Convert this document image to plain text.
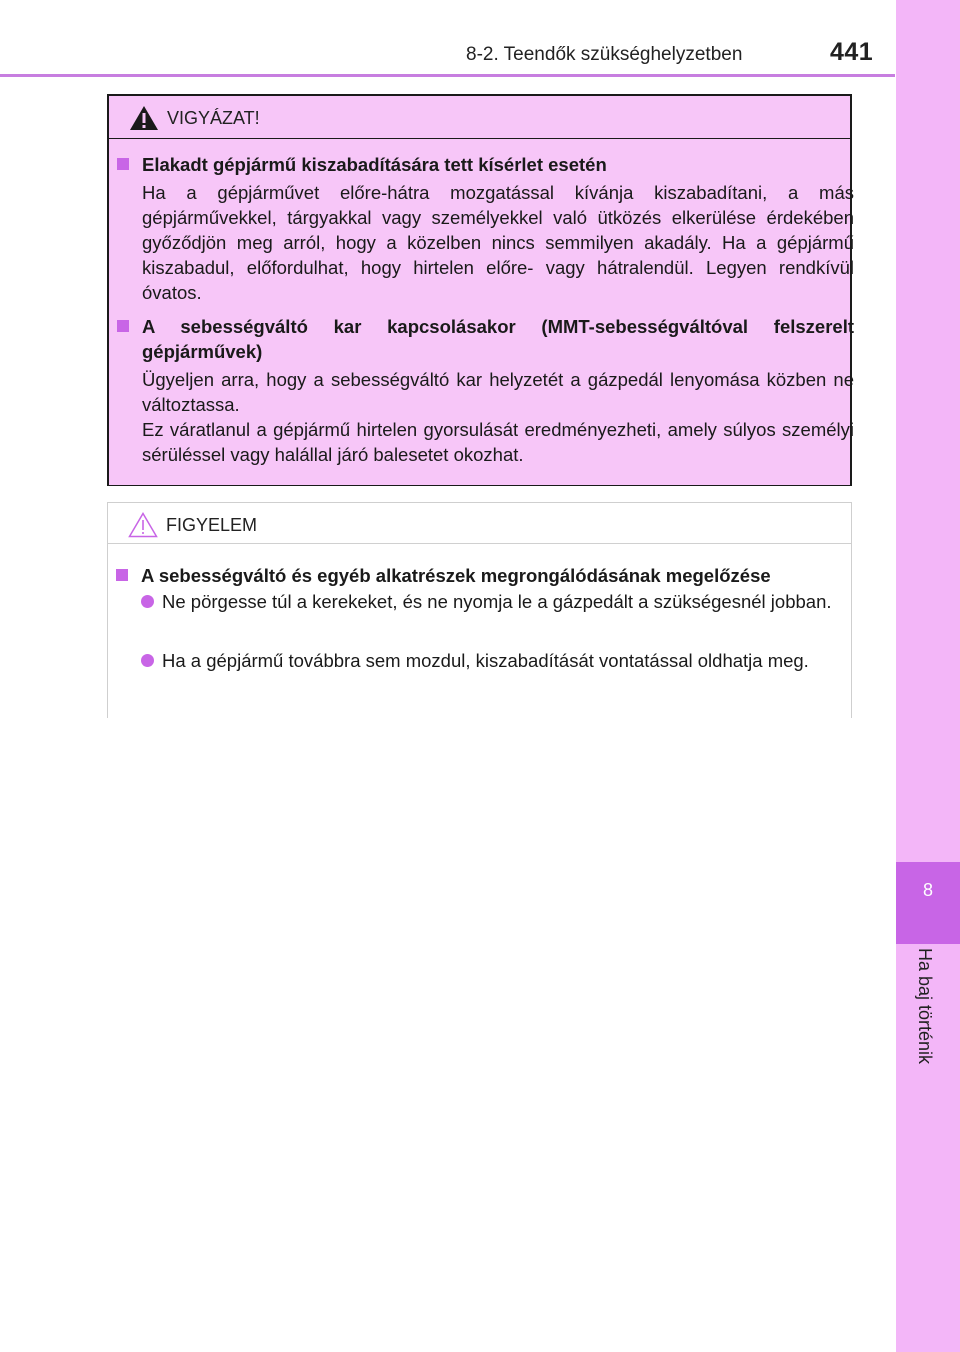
8-2. Teendők szükséghelyzetben	441
8
Ha baj történik
VIGYÁZAT!
Elakadt gépjármű kiszabadítására tett kísérlet esetén
Ha a gépjárművet előre-hátra mozgatással kívánja kiszabadítani, a más gépjárművekkel, tárgyakkal vagy személyekkel való ütközés elkerülése érdekében győződjön meg arról, hogy a közelben nincs semmilyen akadály. Ha a gépjármű kiszabadul, előfordulhat, hogy hirtelen előre- vagy hátralendül. Legyen rendkívül óvatos.
A sebességváltó kar kapcsolásakor (MMT-sebességváltóval felszerelt gépjárművek)
Ügyeljen arra, hogy a sebességváltó kar helyzetét a gázpedál lenyomása közben ne változtassa.
Ez váratlanul a gépjármű hirtelen gyorsulását eredményezheti, amely súlyos személyi sérüléssel vagy halállal járó balesetet okozhat.
FIGYELEM
A sebességváltó és egyéb alkatrészek megrongálódásának megelőzése
Ne pörgesse túl a kerekeket, és ne nyomja le a gázpedált a szükségesnél jobban.
Ha a gépjármű továbbra sem mozdul, kiszabadítását vontatással oldhatja meg.
